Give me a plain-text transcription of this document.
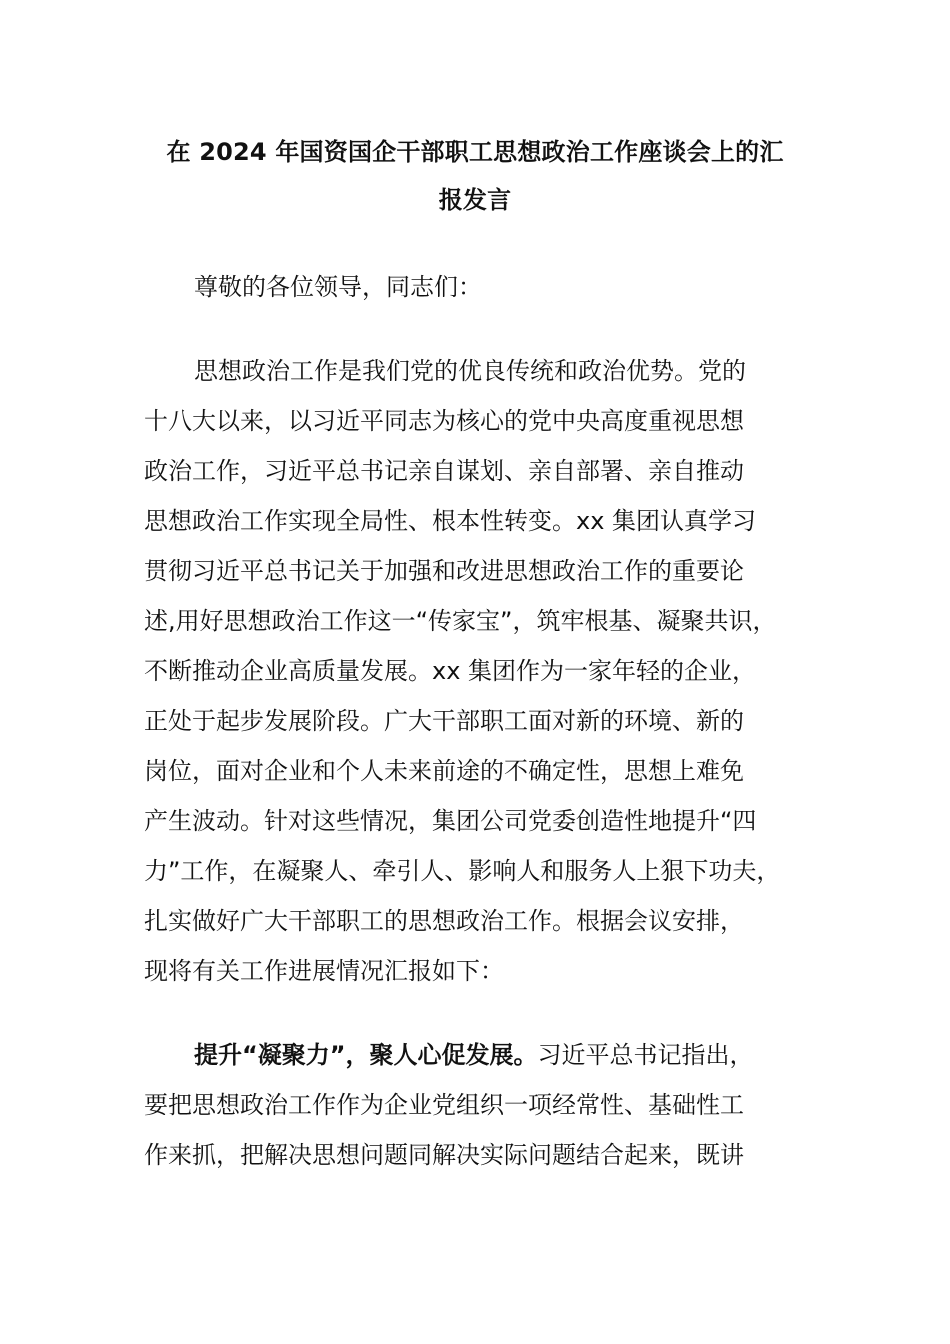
在 2024 年国资国企干部职工思想政治工作座谈会上的汇
报发言

尊敬的各位领导，同志们：

思想政治工作是我们党的优良传统和政治优势。党的

十八大以来，以习近平同志为核心的党中央高度重视思想

政治工作，习近平总书记亲自谋划、亲自部署、亲自推动

思想政治工作实现全局性、根本性转变。xx 集团认真学习

贯彻习近平总书记关于加强和改进思想政治工作的重要论

述,用好思想政治工作这一“传家宝”，筑牢根基、凝聚共识，

不断推动企业高质量发展。xx 集团作为一家年轻的企业，

正处于起步发展阶段。广大干部职工面对新的环境、新的

岗位，面对企业和个人未来前途的不确定性，思想上难免

产生波动。针对这些情况，集团公司党委创造性地提升“四

力”工作，在凝聚人、牵引人、影响人和服务人上狠下功夫，

扎实做好广大干部职工的思想政治工作。根据会议安排，

现将有关工作进展情况汇报如下：

提升“凝聚力”，聚人心促发展。习近平总书记指出，

要把思想政治工作作为企业党组织一项经常性、基础性工

作来抓，把解决思想问题同解决实际问题结合起来，既讲
